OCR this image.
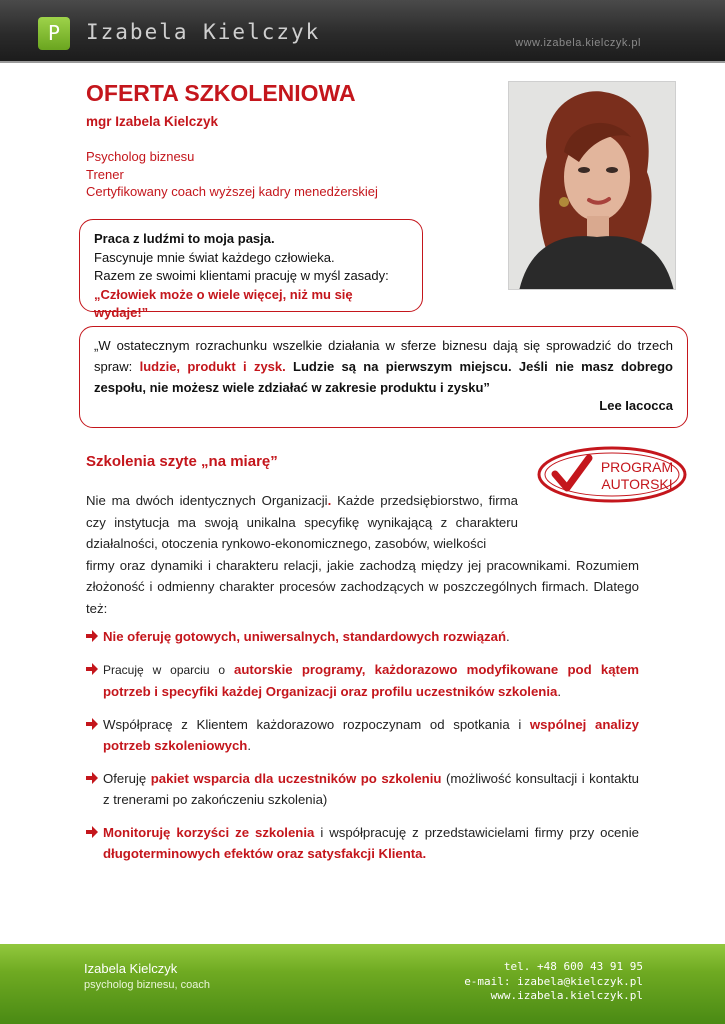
P	Izabela Kielczyk	www.izabela.kielczyk.pl
OFERTA SZKOLENIOWA
mgr Izabela Kielczyk
Psycholog biznesu
Trener
Certyfikowany coach wyższej kadry menedżerskiej
Praca z ludźmi to moja pasja.
Fascynuje mnie świat każdego człowieka.
Razem ze swoimi klientami pracuję w myśl zasady:
„Człowiek może o wiele więcej, niż mu się wydaje!”
„W ostatecznym rozrachunku wszelkie działania w sferze biznesu dają się sprowadzić do trzech spraw: ludzie, produkt i zysk. Ludzie są na pierwszym miejscu. Jeśli nie masz dobrego zespołu, nie możesz wiele zdziałać w zakresie produktu i zysku”
Lee Iacocca
Szkolenia szyte „na miarę”	PROGRAM
AUTORSKI
Nie ma dwóch identycznych Organizacji. Każde przedsiębiorstwo, firma czy instytucja ma swoją unikalna specyfikę wynikającą z charakteru działalności, otoczenia rynkowo-ekonomicznego, zasobów, wielkości
firmy oraz dynamiki i charakteru relacji, jakie zachodzą między jej pracownikami. Rozumiem złożoność i odmienny charakter procesów zachodzących w poszczególnych firmach. Dlatego też:
Nie oferuję gotowych, uniwersalnych, standardowych rozwiązań.
Pracuję w oparciu o autorskie programy, każdorazowo modyfikowane pod kątem potrzeb i specyfiki każdej Organizacji oraz profilu uczestników szkolenia.
Współpracę z Klientem każdorazowo rozpoczynam od spotkania i wspólnej analizy potrzeb szkoleniowych.
Oferuję pakiet wsparcia dla uczestników po szkoleniu (możliwość konsultacji i kontaktu z trenerami po zakończeniu szkolenia)
Monitoruję korzyści ze szkolenia i współpracuję z przedstawicielami firmy przy ocenie długoterminowych efektów oraz satysfakcji Klienta.
Izabela Kielczyk
psycholog biznesu, coach
tel. +48 600 43 91 95
e-mail: izabela@kielczyk.pl
www.izabela.kielczyk.pl
